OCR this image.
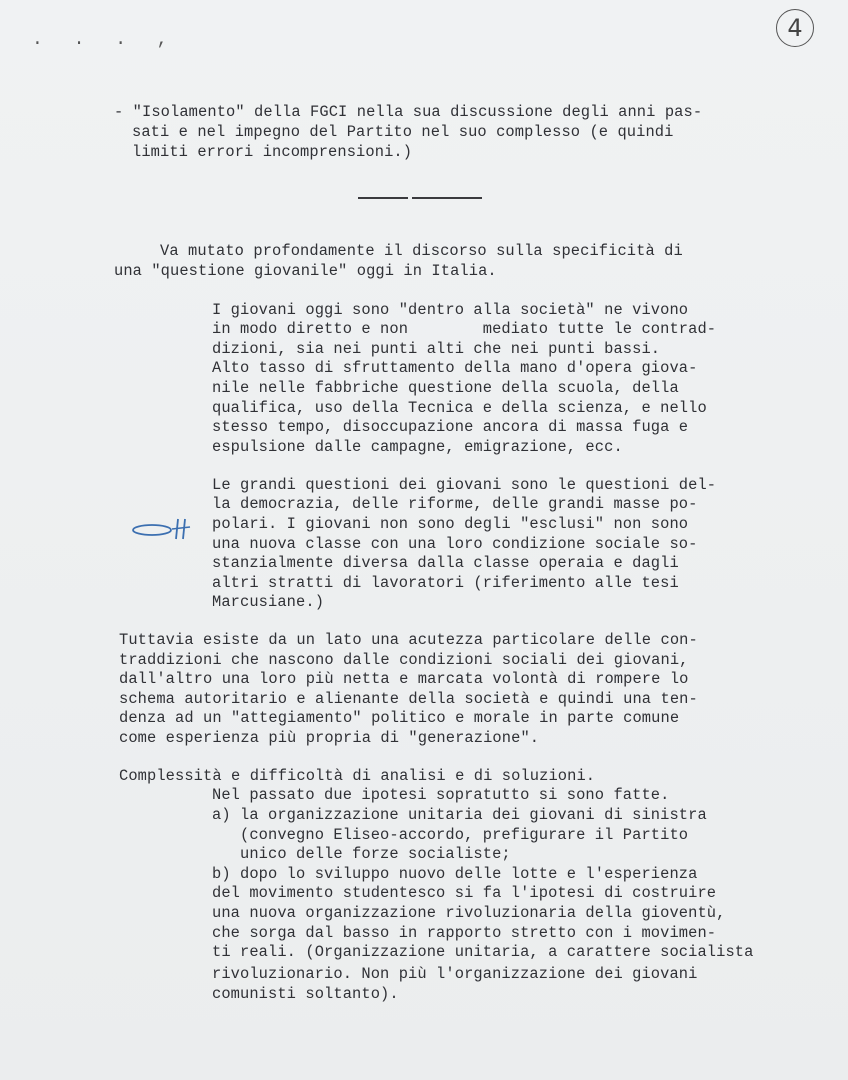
4
. . . ,
- "Isolamento" della FGCI nella sua discussione degli anni pas-
sati e nel impegno del Partito nel suo complesso (e quindi
limiti errori incomprensioni.)
Va mutato profondamente il discorso sulla specificità di
una "questione giovanile" oggi in Italia.
I giovani oggi sono "dentro alla società" ne vivono
in modo diretto e non        mediato tutte le contrad-
dizioni, sia nei punti alti che nei punti bassi.
Alto tasso di sfruttamento della mano d'opera giova-
nile nelle fabbriche questione della scuola, della
qualifica, uso della Tecnica e della scienza, e nello
stesso tempo, disoccupazione ancora di massa fuga e
espulsione dalle campagne, emigrazione, ecc.
Le grandi questioni dei giovani sono le questioni del-
la democrazia, delle riforme, delle grandi masse po-
polari. I giovani non sono degli "esclusi" non sono
una nuova classe con una loro condizione sociale so-
stanzialmente diversa dalla classe operaia e dagli
altri stratti di lavoratori (riferimento alle tesi
Marcusiane.)
Tuttavia esiste da un lato una acutezza particolare delle con-
traddizioni che nascono dalle condizioni sociali dei giovani,
dall'altro una loro più netta e marcata volontà di rompere lo
schema autoritario e alienante della società e quindi una ten-
denza ad un "attegiamento" politico e morale in parte comune
come esperienza più propria di "generazione".
Complessità e difficoltà di analisi e di soluzioni.
Nel passato due ipotesi sopratutto si sono fatte.
a) la organizzazione unitaria dei giovani di sinistra
(convegno Eliseo-accordo, prefigurare il Partito
unico delle forze socialiste;
b) dopo lo sviluppo nuovo delle lotte e l'esperienza
del movimento studentesco si fa l'ipotesi di costruire
una nuova organizzazione rivoluzionaria della gioventù,
che sorga dal basso in rapporto stretto con i movimen-
ti reali. (Organizzazione unitaria, a carattere socialista
rivoluzionario. Non più l'organizzazione dei giovani
comunisti soltanto).
